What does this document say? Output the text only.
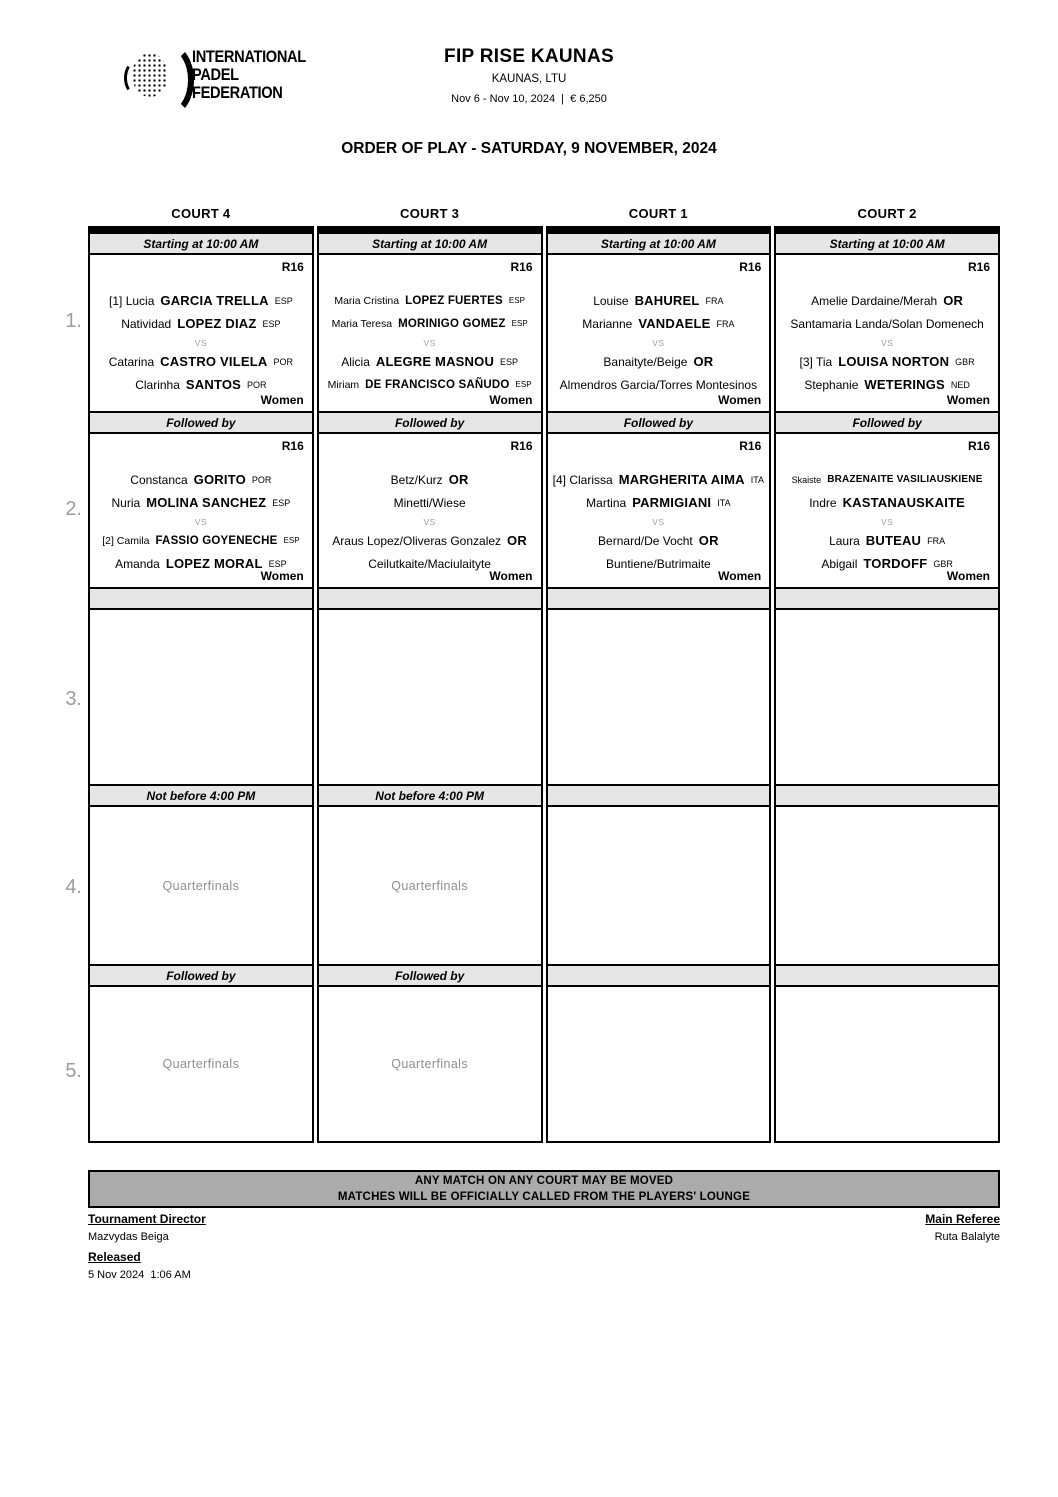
INTERNATIONAL
PADEL
FEDERATION
FIP RISE KAUNAS
KAUNAS, LTU
Nov 6 - Nov 10, 2024  |  € 6,250
ORDER OF PLAY - SATURDAY, 9 NOVEMBER, 2024
1.
2.
3.
4.
5.
COURT 4
Starting at 10:00 AM
R16
[1] Lucia GARCIA TRELLA ESP
Natividad LOPEZ DIAZ ESP
VS
Catarina CASTRO VILELA POR
Clarinha SANTOS POR
Women
Followed by
R16
Constanca GORITO POR
Nuria MOLINA SANCHEZ ESP
VS
[2] Camila FASSIO GOYENECHE ESP
Amanda LOPEZ MORAL ESP
Women
Not before 4:00 PM
Quarterfinals
Followed by
Quarterfinals
COURT 3
Starting at 10:00 AM
R16
Maria Cristina LOPEZ FUERTES ESP
Maria Teresa MORINIGO GOMEZ ESP
VS
Alicia ALEGRE MASNOU ESP
Miriam DE FRANCISCO SAÑUDO ESP
Women
Followed by
R16
Betz/Kurz OR
Minetti/Wiese
VS
Araus Lopez/Oliveras Gonzalez OR
Ceilutkaite/Maciulaityte
Women
Not before 4:00 PM
Quarterfinals
Followed by
Quarterfinals
COURT 1
Starting at 10:00 AM
R16
Louise BAHUREL FRA
Marianne VANDAELE FRA
VS
Banaityte/Beige OR
Almendros Garcia/Torres Montesinos
Women
Followed by
R16
[4] Clarissa MARGHERITA AIMA ITA
Martina PARMIGIANI ITA
VS
Bernard/De Vocht OR
Buntiene/Butrimaite
Women
COURT 2
Starting at 10:00 AM
R16
Amelie Dardaine/Merah OR
Santamaria Landa/Solan Domenech
VS
[3] Tia LOUISA NORTON GBR
Stephanie WETERINGS NED
Women
Followed by
R16
Skaiste BRAZENAITE VASILIAUSKIENE
Indre KASTANAUSKAITE
VS
Laura BUTEAU FRA
Abigail TORDOFF GBR
Women
ANY MATCH ON ANY COURT MAY BE MOVED
MATCHES WILL BE OFFICIALLY CALLED FROM THE PLAYERS' LOUNGE
Tournament Director
Mazvydas Beiga
Main Referee
Ruta Balalyte
Released
5 Nov 2024  1:06 AM
